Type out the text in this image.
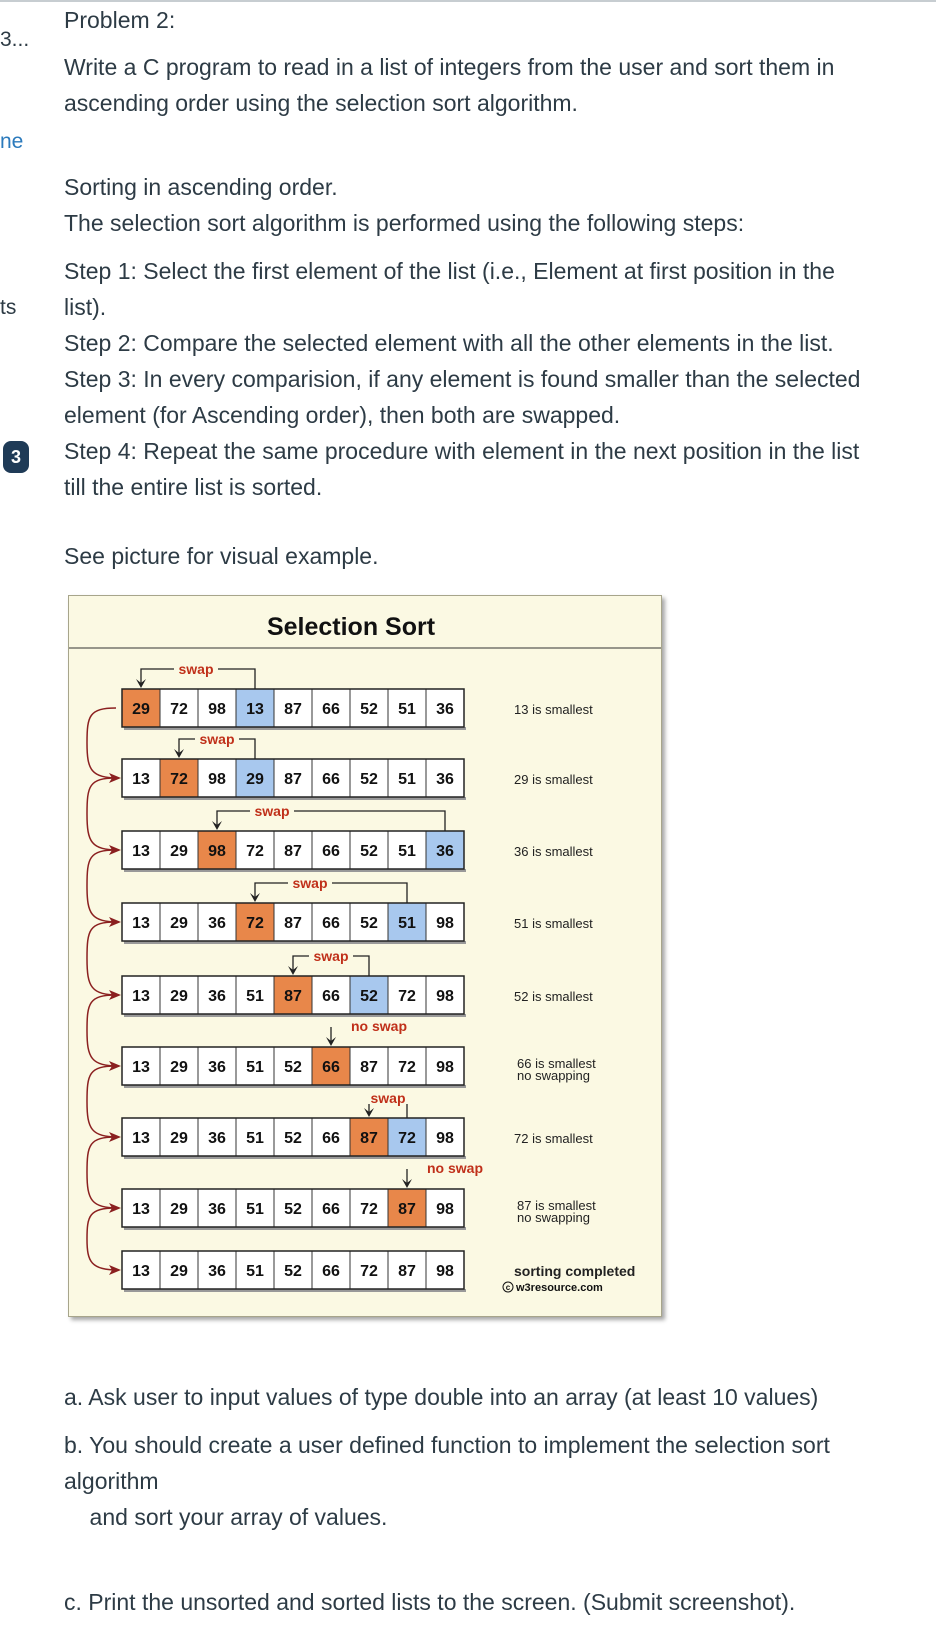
3...
ne
ts
3
Problem 2:
Write a C program to read in a list of integers from the user and sort them in
ascending order using the selection sort algorithm.
Sorting in ascending order.
The selection sort algorithm is performed using the following steps:
Step 1: Select the first element of the list (i.e., Element at first position in the
list).
Step 2: Compare the selected element with all the other elements in the list.
Step 3: In every comparision, if any element is found smaller than the selected
element (for Ascending order), then both are swapped.
Step 4: Repeat the same procedure with element in the next position in the list
till the entire list is sorted.
See picture for visual example.
a. Ask user to input values of type double into an array (at least 10 values)
b. You should create a user defined function to implement the selection sort
algorithm
and sort your array of values.
c. Print the unsorted and sorted lists to the screen. (Submit screenshot).
Selection Sort
29 72 98 13 87 66 52 51 36	13 is smallest
swap
13 72 98 29 87 66 52 51 36	29 is smallest
swap
13 29 98 72 87 66 52 51 36	36 is smallest
swap
13 29 36 72 87 66 52 51 98	51 is smallest
swap
13 29 36 51 87 66 52 72 98	52 is smallest
swap
13 29 36 51 52 66 87 72 98	66 is smallest
no swapping
no swap
13 29 36 51 52 66 87 72 98	72 is smallest
swap
13 29 36 51 52 66 72 87 98	87 is smallest
no swapping
no swap
13 29 36 51 52 66 72 87 98	sorting completed
c w3resource.com
